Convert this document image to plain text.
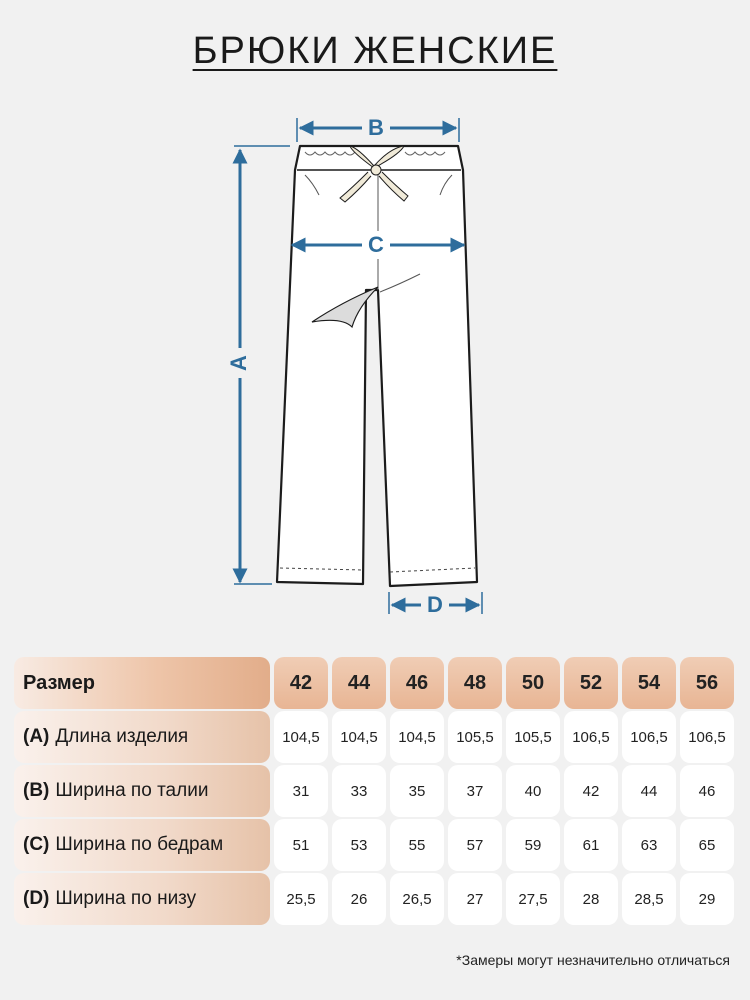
БРЮКИ ЖЕНСКИЕ
A
B
C
D
Размер	42	44	46	48	50	52	54	56
(A) Длина изделия	104,5	104,5	104,5	105,5	105,5	106,5	106,5	106,5
(B) Ширина по талии	31	33	35	37	40	42	44	46
(C) Ширина по бедрам	51	53	55	57	59	61	63	65
(D) Ширина по низу	25,5	26	26,5	27	27,5	28	28,5	29
*Замеры могут незначительно отличаться
